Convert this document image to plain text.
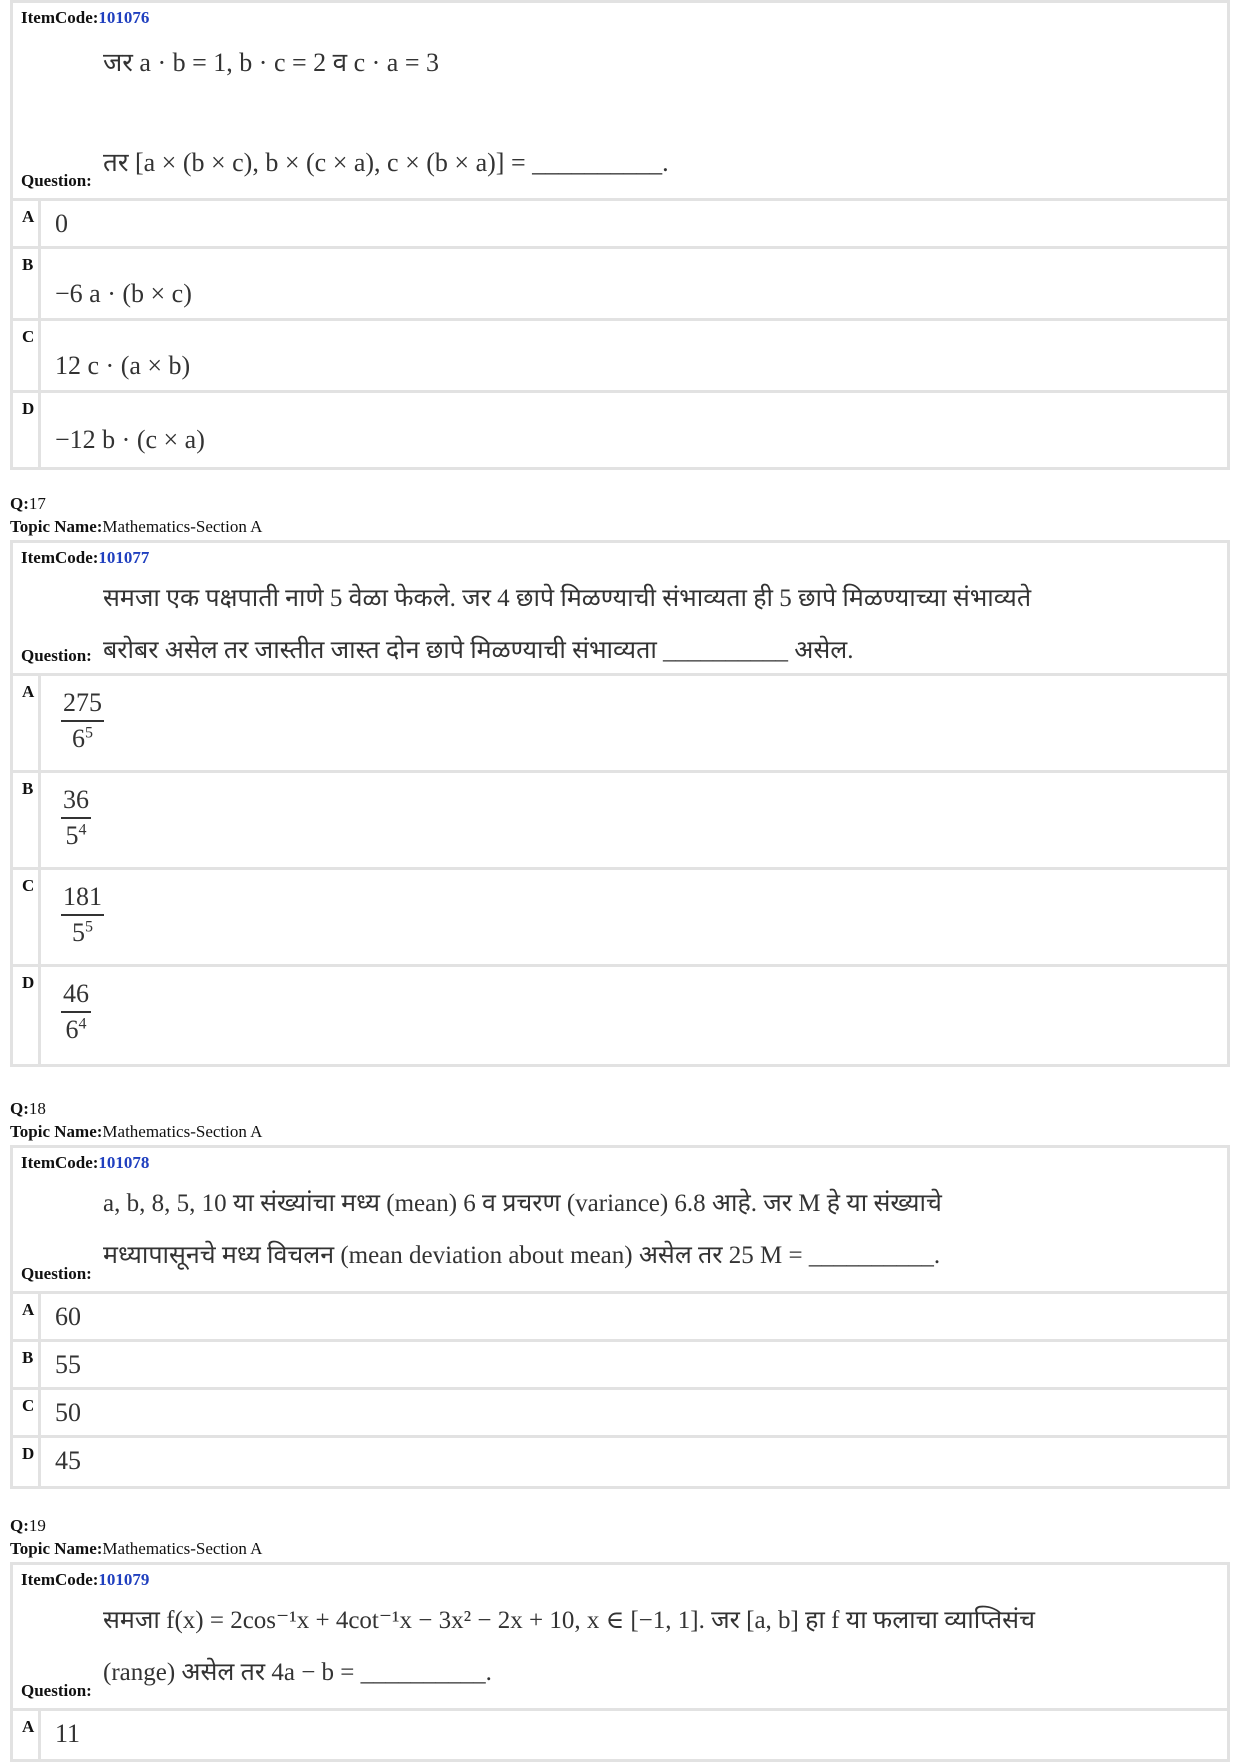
ItemCode:101076
जर a · b = 1, b · c = 2 व c · a = 3
तर [a × (b × c), b × (c × a), c × (b × a)] = __________.
Question:
A 0
B
−6 a · (b × c)
C
12 c · (a × b)
D
−12 b · (c × a)
Q:17
Topic Name:Mathematics-Section A
ItemCode:101077
समजा एक पक्षपाती नाणे 5 वेळा फेकले. जर 4 छापे मिळण्याची संभाव्यता ही 5 छापे मिळण्याच्या संभाव्यते
बरोबर असेल तर जास्तीत जास्त दोन छापे मिळण्याची संभाव्यता __________ असेल.
Question:
A $\frac{275}{6^5}$
B $\frac{36}{5^4}$
C $\frac{181}{5^5}$
D $\frac{46}{6^4}$
Q:18
Topic Name:Mathematics-Section A
ItemCode:101078
a, b, 8, 5, 10 या संख्यांचा मध्य (mean) 6 व प्रचरण (variance) 6.8 आहे. जर M हे या संख्याचे
मध्यापासूनचे मध्य विचलन (mean deviation about mean) असेल तर 25 M = __________.
Question:
A 60
B 55
C 50
D 45
Q:19
Topic Name:Mathematics-Section A
ItemCode:101079
समजा f(x) = 2cos⁻¹x + 4cot⁻¹x − 3x² − 2x + 10, x ∈ [−1, 1]. जर [a, b] हा f या फलाचा व्याप्तिसंच
(range) असेल तर 4a − b = __________.
Question:
A 11
